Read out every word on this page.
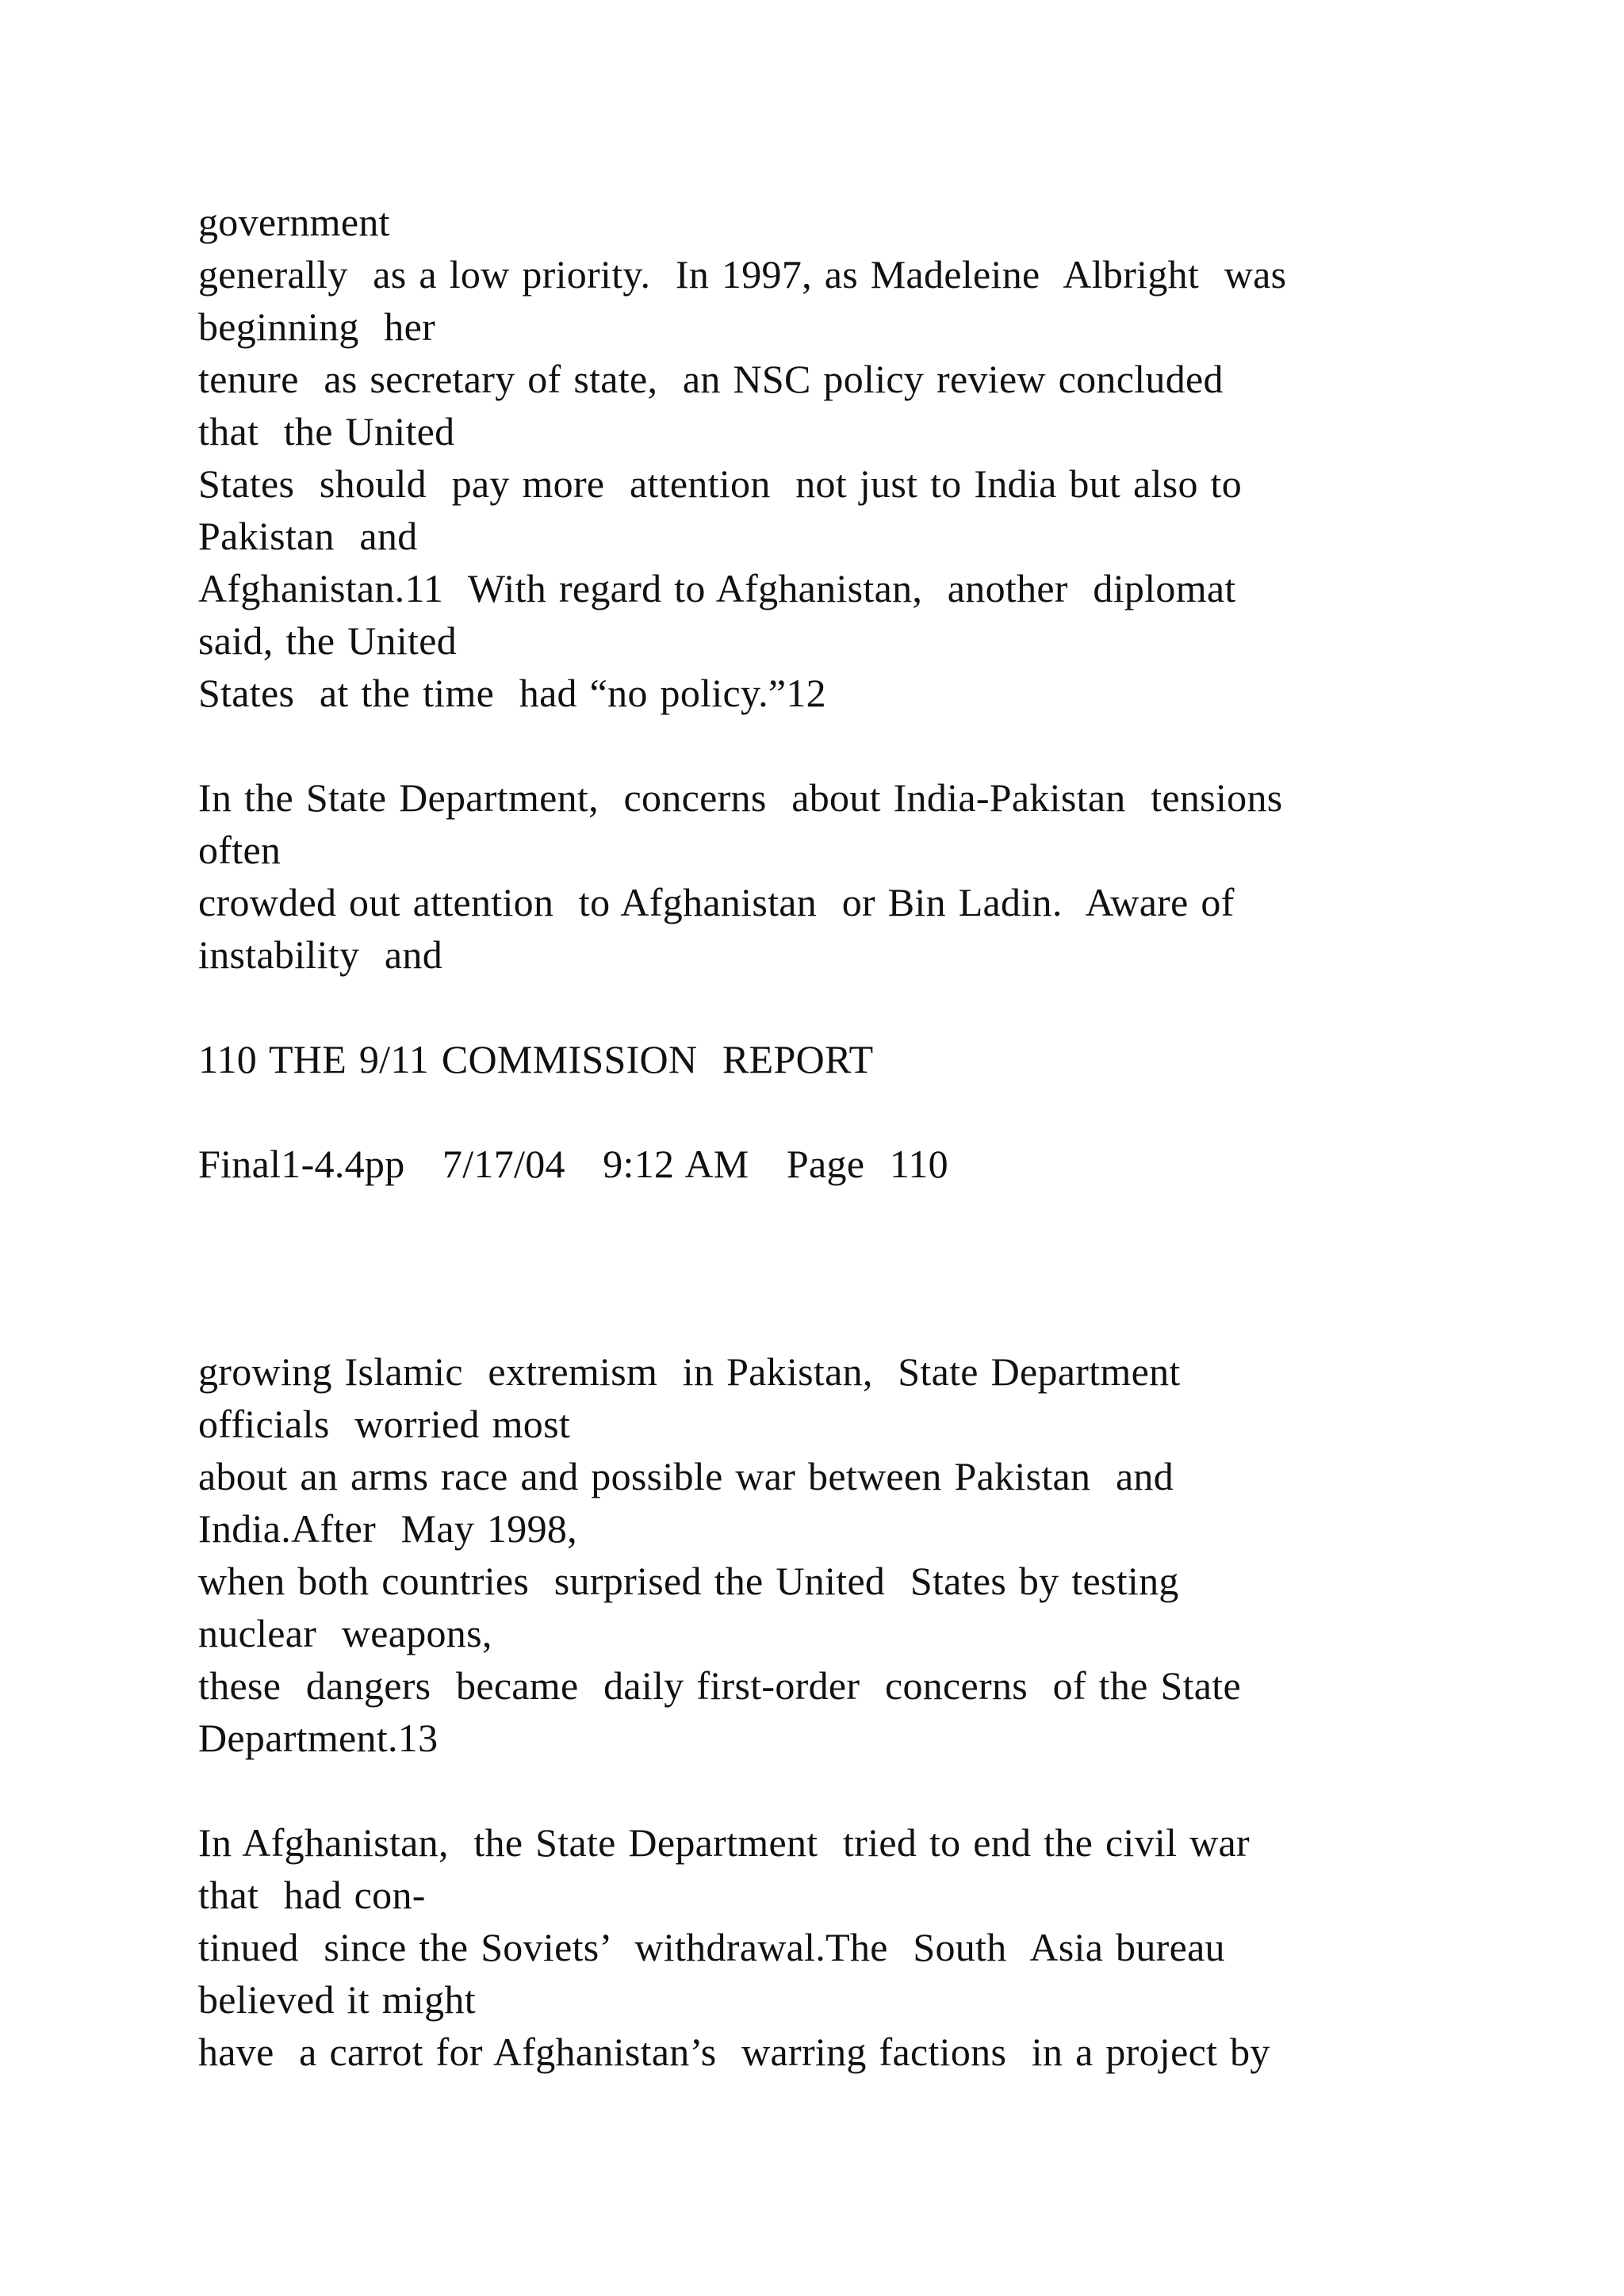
government

generally  as a low priority.  In 1997, as Madeleine  Albright  was

beginning  her

tenure  as secretary of state,  an NSC policy review concluded

that  the United

States  should  pay more  attention  not just to India but also to

Pakistan  and

Afghanistan.11  With regard to Afghanistan,  another  diplomat

said, the United

States  at the time  had “no policy.”12

In the State Department,  concerns  about India-Pakistan  tensions

often

crowded out attention  to Afghanistan  or Bin Ladin.  Aware of

instability  and

110 THE 9/11 COMMISSION  REPORT

Final1-4.4pp   7/17/04   9:12 AM   Page  110

growing Islamic  extremism  in Pakistan,  State Department

officials  worried most

about an arms race and possible war between Pakistan  and

India.After  May 1998,

when both countries  surprised the United  States by testing

nuclear  weapons,

these  dangers  became  daily first-order  concerns  of the State

Department.13

In Afghanistan,  the State Department  tried to end the civil war

that  had con-

tinued  since the Soviets’  withdrawal.The  South  Asia bureau

believed it might

have  a carrot for Afghanistan’s  warring factions  in a project by
